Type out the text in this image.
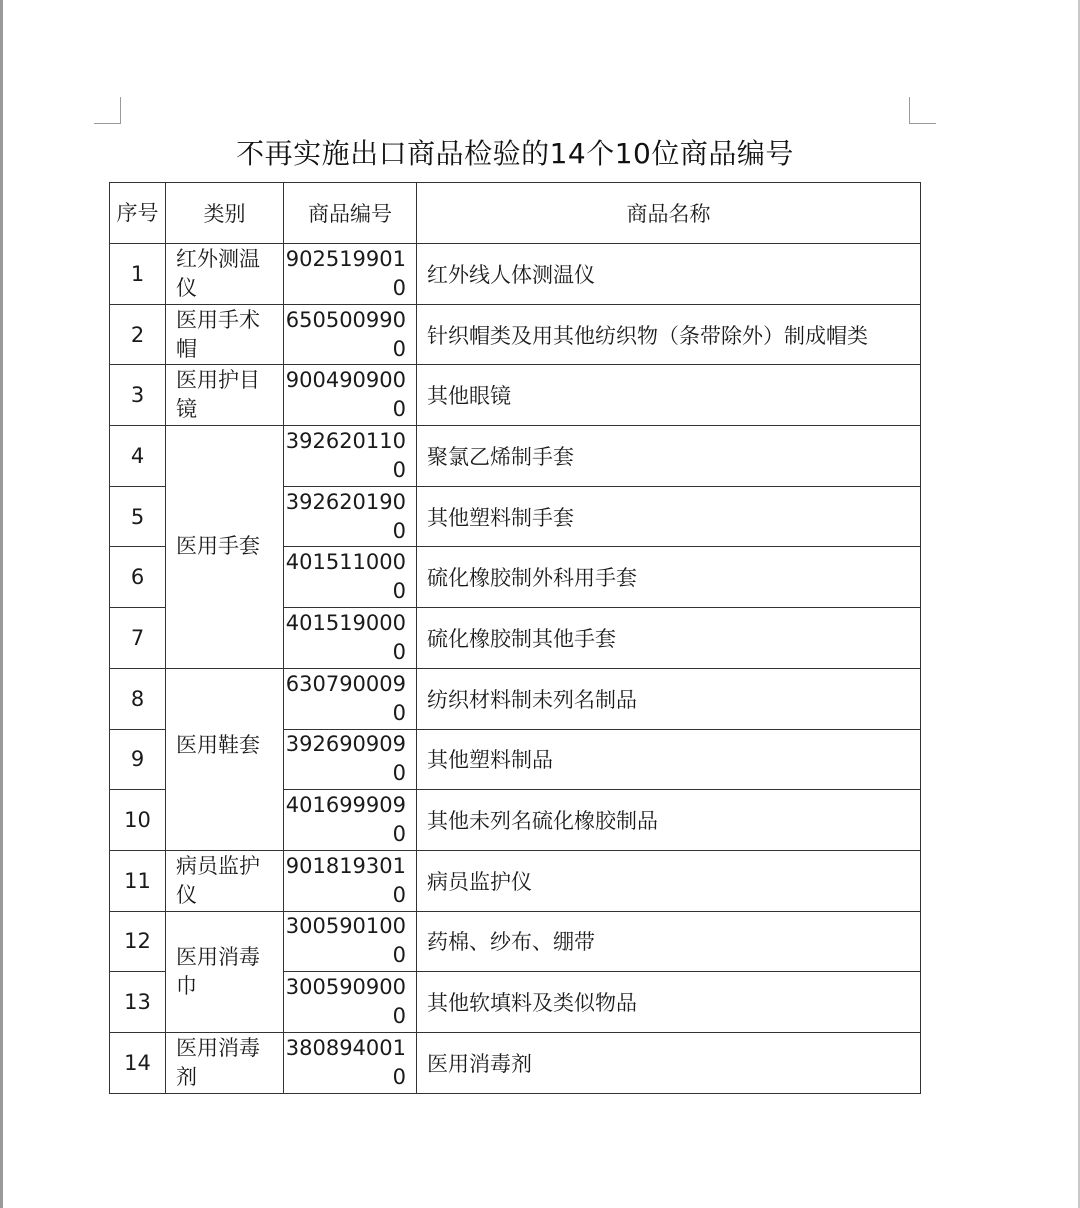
不再实施出口商品检验的14个10位商品编号
序号	类别	商品编号	商品名称
1	红外测温仪	9025199010	红外线人体测温仪
2	医用手术帽	6505009900	针织帽类及用其他纺织物（条带除外）制成帽类
3	医用护目镜	9004909000	其他眼镜
4	医用手套	3926201100	聚氯乙烯制手套
5		3926201900	其他塑料制手套
6		4015110000	硫化橡胶制外科用手套
7		4015190000	硫化橡胶制其他手套
8	医用鞋套	6307900090	纺织材料制未列名制品
9		3926909090	其他塑料制品
10		4016999090	其他未列名硫化橡胶制品
11	病员监护仪	9018193010	病员监护仪
12	医用消毒巾	3005901000	药棉、纱布、绷带
13		3005909000	其他软填料及类似物品
14	医用消毒剂	3808940010	医用消毒剂
